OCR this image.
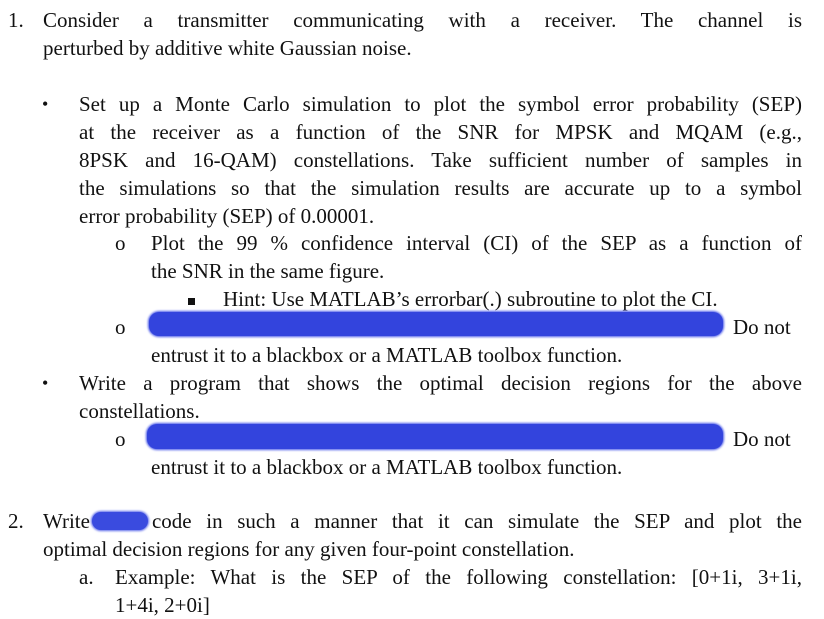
1. Consider a transmitter communicating with a receiver. The channel is
perturbed by additive white Gaussian noise.
• Set up a Monte Carlo simulation to plot the symbol error probability (SEP)
at the receiver as a function of the SNR for MPSK and MQAM (e.g.,
8PSK and 16-QAM) constellations. Take sufficient number of samples in
the simulations so that the simulation results are accurate up to a symbol
error probability (SEP) of 0.00001.
o Plot the 99 % confidence interval (CI) of the SEP as a function of
the SNR in the same figure.
Hint: Use MATLAB’s errorbar(.) subroutine to plot the CI.
o	Do not
entrust it to a blackbox or a MATLAB toolbox function.
• Write a program that shows the optimal decision regions for the above
constellations.
o	Do not
entrust it to a blackbox or a MATLAB toolbox function.
2. Write	code in such a manner that it can simulate the SEP and plot the
optimal decision regions for any given four-point constellation.
a. Example: What is the SEP of the following constellation: [0+1i, 3+1i,
1+4i, 2+0i]
